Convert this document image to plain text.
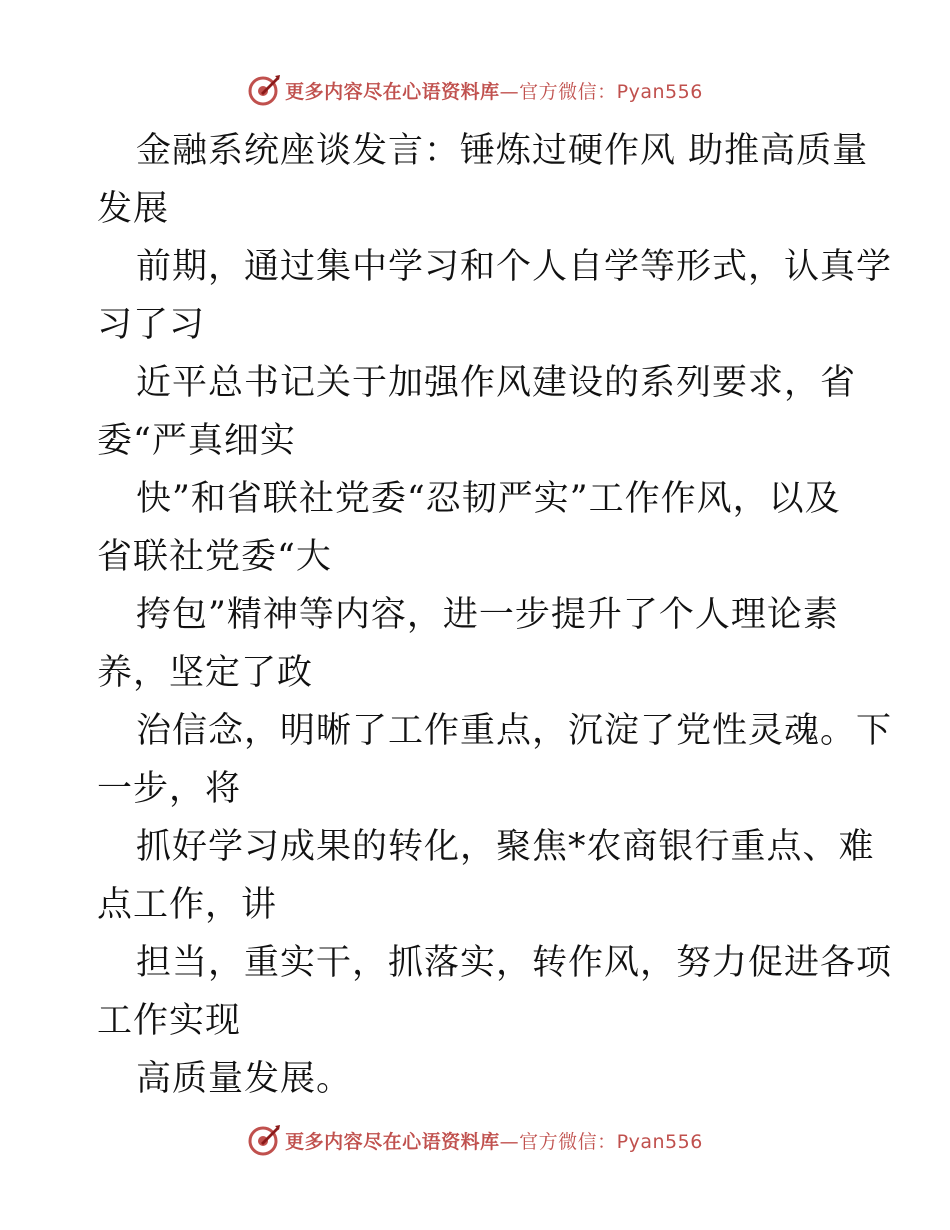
更多内容尽在心语资料库—官方微信：Pyan556
金融系统座谈发言：锤炼过硬作风 助推高质量
发展
前期，通过集中学习和个人自学等形式，认真学
习了习
近平总书记关于加强作风建设的系列要求，省
委“严真细实
快”和省联社党委“忍韧严实”工作作风，以及
省联社党委“大
挎包”精神等内容，进一步提升了个人理论素
养，坚定了政
治信念，明晰了工作重点，沉淀了党性灵魂。下
一步，将
抓好学习成果的转化，聚焦*农商银行重点、难
点工作，讲
担当，重实干，抓落实，转作风，努力促进各项
工作实现
高质量发展。
更多内容尽在心语资料库—官方微信：Pyan556
